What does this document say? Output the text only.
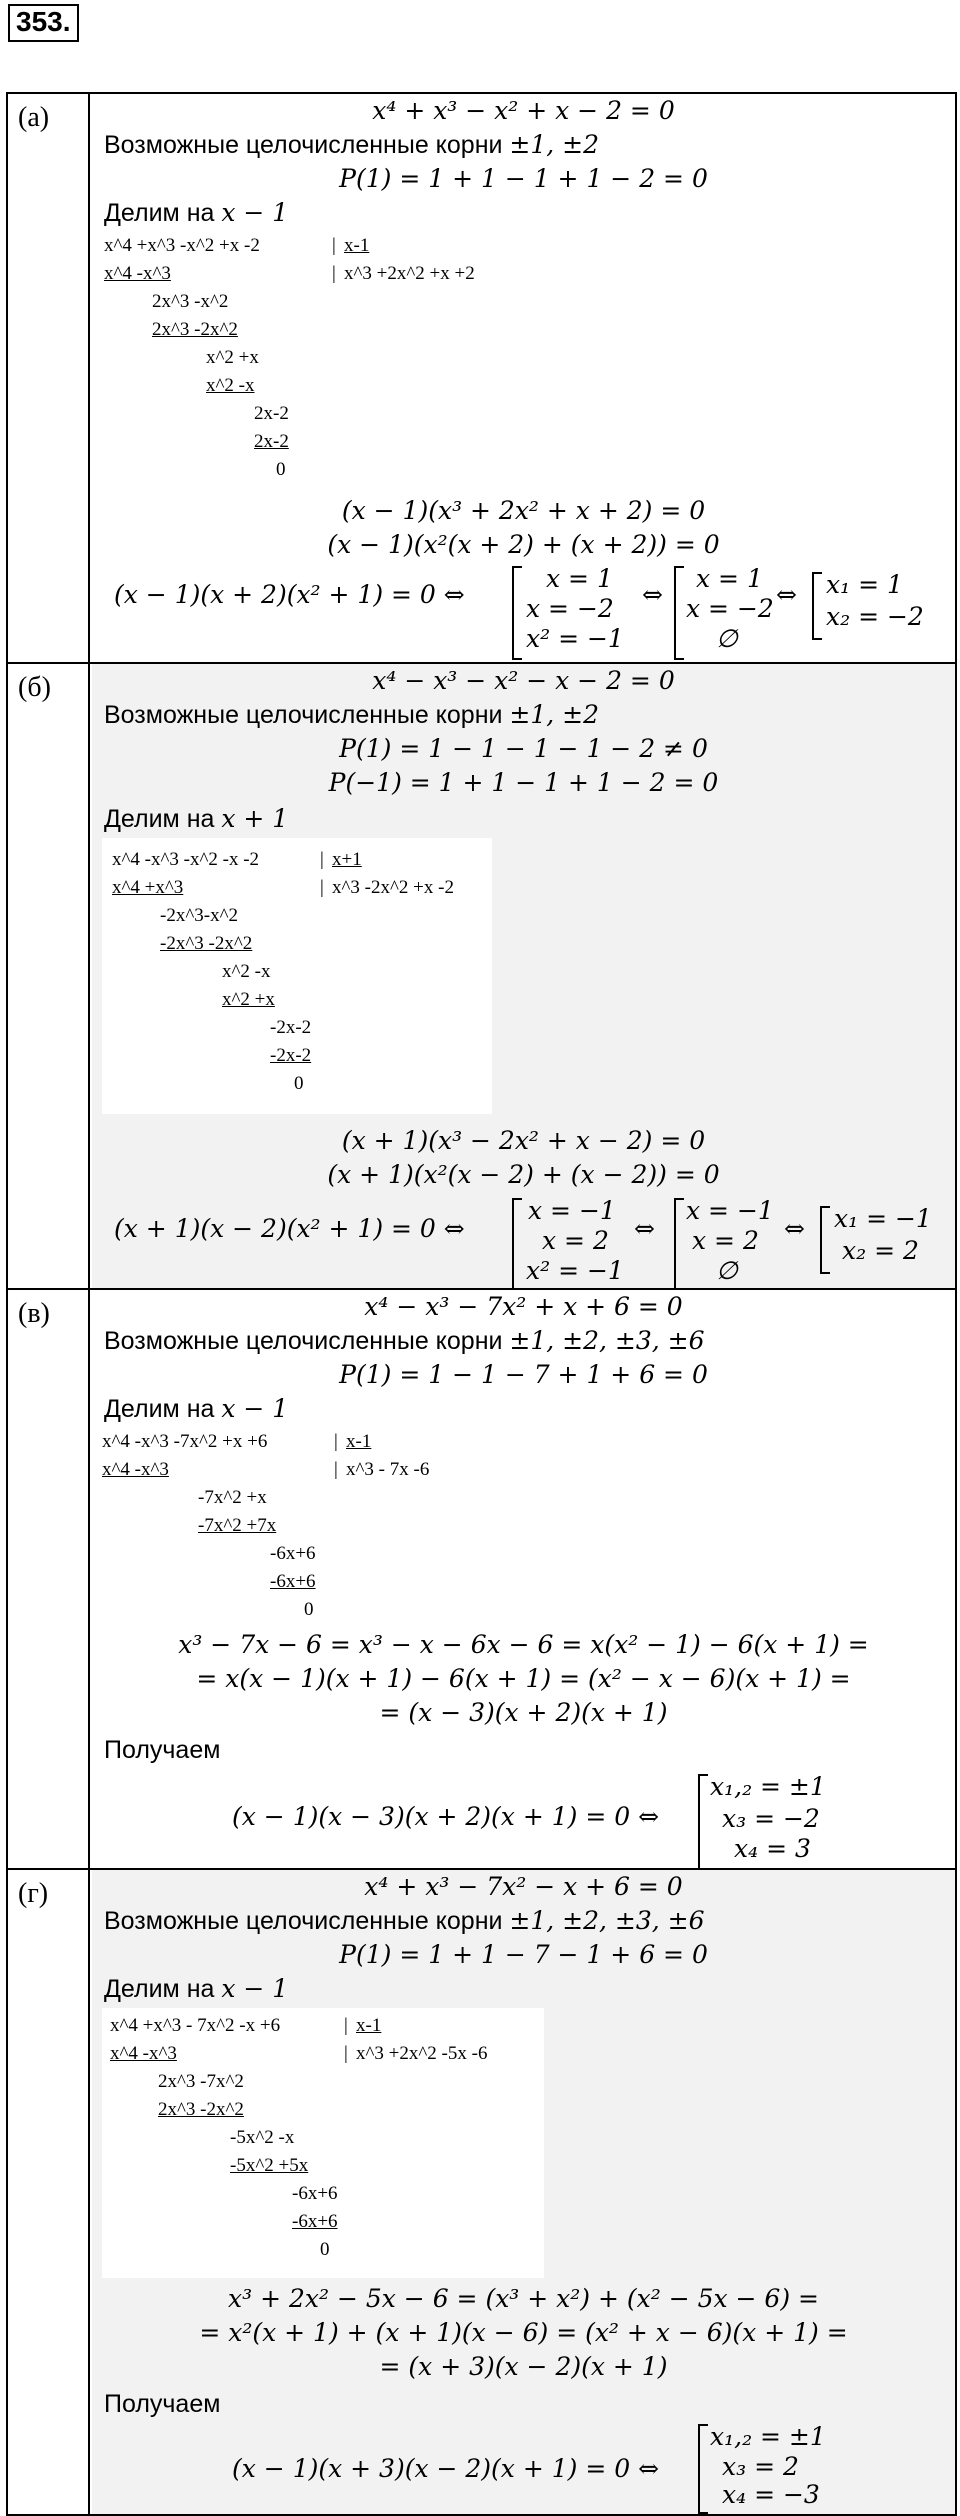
353.
(а)	x⁴ + x³ − x² + x − 2 = 0
Возможные целочисленные корни ±1, ±2
P(1) = 1 + 1 − 1 + 1 − 2 = 0
Делим на x − 1
x^4 +x^3 -x^2 +x -2	| x-1
| x^3 +2x^2 +x +2
x^4 -x^3
2x^3 -x^2
2x^3 -2x^2
x^2 +x
x^2 -x
2x-2
2x-2
0
(x − 1)(x³ + 2x² + x + 2) = 0
(x − 1)(x²(x + 2) + (x + 2)) = 0
(x − 1)(x + 2)(x² + 1) = 0 ⇔
x = 1
x = −2
x² = −1
⇔
x = 1
x = −2
∅
⇔ x₁ = 1
x₂ = −2
(б)	x⁴ − x³ − x² − x − 2 = 0
Возможные целочисленные корни ±1, ±2
P(1) = 1 − 1 − 1 − 1 − 2 ≠ 0
P(−1) = 1 + 1 − 1 + 1 − 2 = 0
Делим на x + 1
x^4 -x^3 -x^2 -x -2	| x+1
| x^3 -2x^2 +x -2
x^4 +x^3
-2x^3-x^2
-2x^3 -2x^2
x^2 -x
x^2 +x
-2x-2
-2x-2
0
(x + 1)(x³ − 2x² + x − 2) = 0
(x + 1)(x²(x − 2) + (x − 2)) = 0
(x + 1)(x − 2)(x² + 1) = 0 ⇔
x = −1
x = 2
x² = −1
⇔
x = −1
x = 2
∅
⇔ x₁ = −1
x₂ = 2
(в)	x⁴ − x³ − 7x² + x + 6 = 0
Возможные целочисленные корни ±1, ±2, ±3, ±6
P(1) = 1 − 1 − 7 + 1 + 6 = 0
Делим на x − 1
x^4 -x^3 -7x^2 +x +6	| x-1
| x^3 - 7x -6
x^4 -x^3
-7x^2 +x
-7x^2 +7x
-6x+6
-6x+6
0
x³ − 7x − 6 = x³ − x − 6x − 6 = x(x² − 1) − 6(x + 1) =
= x(x − 1)(x + 1) − 6(x + 1) = (x² − x − 6)(x + 1) =
= (x − 3)(x + 2)(x + 1)
Получаем
(x − 1)(x − 3)(x + 2)(x + 1) = 0 ⇔
x₁,₂ = ±1
x₃ = −2
x₄ = 3
(г)	x⁴ + x³ − 7x² − x + 6 = 0
Возможные целочисленные корни ±1, ±2, ±3, ±6
P(1) = 1 + 1 − 7 − 1 + 6 = 0
Делим на x − 1
x^4 +x^3 - 7x^2 -x +6	| x-1
| x^3 +2x^2 -5x -6
x^4 -x^3
2x^3 -7x^2
2x^3 -2x^2
-5x^2 -x
-5x^2 +5x
-6x+6
-6x+6
0
x³ + 2x² − 5x − 6 = (x³ + x²) + (x² − 5x − 6) =
= x²(x + 1) + (x + 1)(x − 6) = (x² + x − 6)(x + 1) =
= (x + 3)(x − 2)(x + 1)
Получаем
(x − 1)(x + 3)(x − 2)(x + 1) = 0 ⇔
x₁,₂ = ±1
x₃ = 2
x₄ = −3
